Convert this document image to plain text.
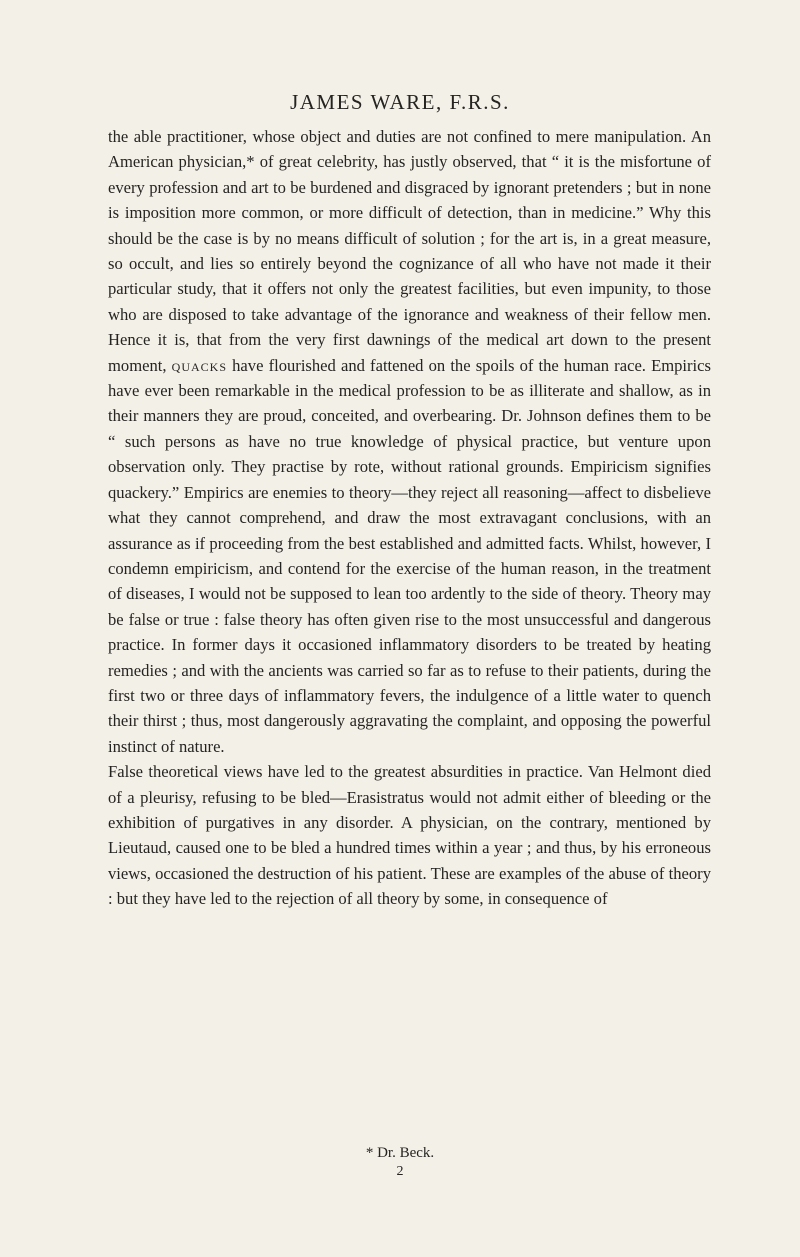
JAMES WARE, F.R.S.

the able practitioner, whose object and duties are not confined to mere manipulation. An American physician,* of great celebrity, has justly observed, that “ it is the misfortune of every profession and art to be burdened and disgraced by ignorant pretenders ; but in none is imposition more common, or more difficult of detection, than in medicine.” Why this should be the case is by no means difficult of solution ; for the art is, in a great measure, so occult, and lies so entirely beyond the cognizance of all who have not made it their particular study, that it offers not only the greatest facilities, but even impunity, to those who are disposed to take advantage of the ignorance and weakness of their fellow men. Hence it is, that from the very first dawnings of the medical art down to the present moment, quacks have flourished and fattened on the spoils of the human race. Empirics have ever been remarkable in the medical profession to be as illiterate and shallow, as in their manners they are proud, conceited, and overbearing. Dr. Johnson defines them to be “ such persons as have no true knowledge of physical practice, but venture upon observation only. They practise by rote, without rational grounds. Empiricism signifies quackery.” Empirics are enemies to theory—they reject all reasoning—affect to disbelieve what they cannot comprehend, and draw the most extravagant conclusions, with an assurance as if proceeding from the best established and admitted facts. Whilst, however, I condemn empiricism, and contend for the exercise of the human reason, in the treatment of diseases, I would not be supposed to lean too ardently to the side of theory. Theory may be false or true : false theory has often given rise to the most unsuccessful and dangerous practice. In former days it occasioned inflammatory disorders to be treated by heating remedies ; and with the ancients was carried so far as to refuse to their patients, during the first two or three days of inflammatory fevers, the indulgence of a little water to quench their thirst ; thus, most dangerously aggravating the complaint, and opposing the powerful instinct of nature.

False theoretical views have led to the greatest absurdities in practice. Van Helmont died of a pleurisy, refusing to be bled—Erasistratus would not admit either of bleeding or the exhibition of purgatives in any disorder. A physician, on the contrary, mentioned by Lieutaud, caused one to be bled a hundred times within a year ; and thus, by his erroneous views, occasioned the destruction of his patient. These are examples of the abuse of theory : but they have led to the rejection of all theory by some, in consequence of

* Dr. Beck.
2
